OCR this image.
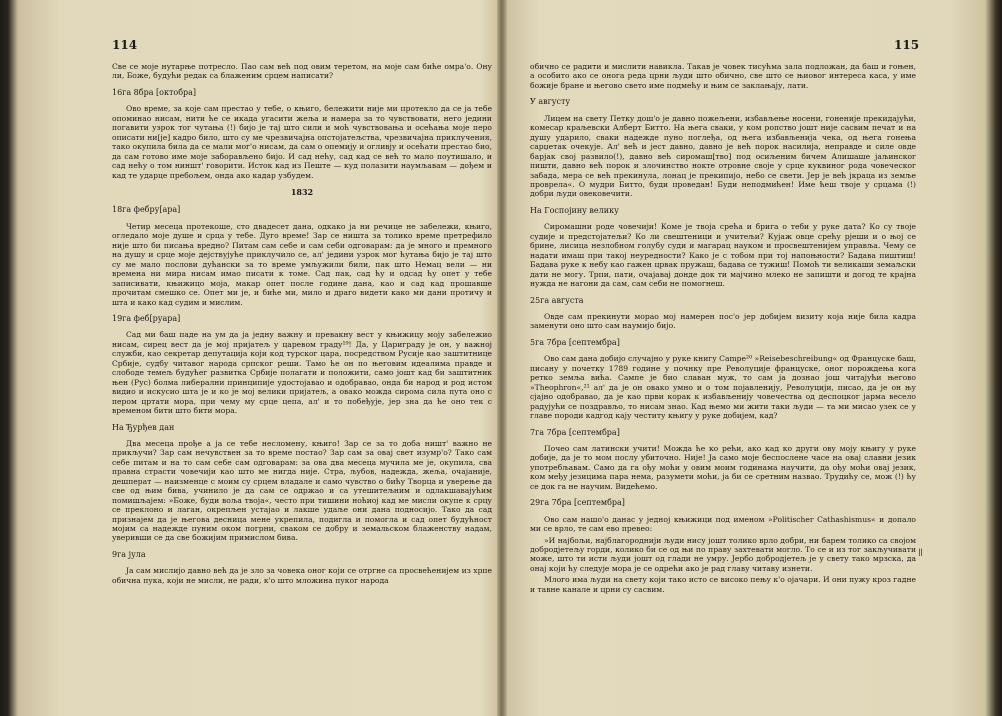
114
Све се моје нутарње потресло. Пао сам већ под овим теретом, на моје сам биће омра'о. Ону ли, Боже, будући редак са блаженим срцем написати?
16га 8бра [октобра]
Ово време, за које сам престао у тебе, о књиго, бележити није ми протекло да се ја тебе опоминао нисам, нити ће се икада угасити жеља и намера за то чувствовати, него једини погавити узрок тог чутања (!) бијо је тај што сили и моћ чувствовања и осећања моје перо описати ни[је] кадро било, што су ме чрезвичајна опстојатељства, чрезвичајна приклучения, тако окупила била да се мали мог'о нисам, да сам о опемију и огливју и осећати престао био, да сам готово име моје заборављено бијо. И сад нећу, сад кад се већ то мало поутишало, и сад нећу о том ниншт' говорити. Исток кад из Пеште — куд полазити наумљавам — дођем и кад те ударце пребољем, онда ако кадар узбудем.
1832
18га фебру[ара]
Четир месеца протекоше, сто двадесет дана, одкако ја ни речице не забележи, књиго, огледало моје душе и срца у тебе. Дуго време! Зар се ништа за толико време претрефило није што би писања вредно? Питам сам себе и сам себи одговарам: да је много и премного на душу и срце моје дејствујуће приклучило се, ал' једини узрок мог ћутања бијо је тај што су ме мало послови дућански за то време умљужили били, пак што Немац вели — ни времена ни мира нисам имао писати к томе. Сад пак, сад ћу и одсад ћу опет у тебе записивати, књижицо моја, макар опет после године дана, као и сад кад прошавше прочитам смешко се. Опет ми је, и биће ми, мило и драго видети како ми дани протичу и шта и како кад судим и мислим.
19га феб[руара]
Сад ми баш паде на ум да ја једну важну и превакну вест у књижицу моју забележио нисам, сирец вест да је мој пријатељ у царевом граду¹⁹! Да, у Цариграду је он, у важној служби, као секретар депутација који код турског цара, посредством Русије као заштитнице Србије, судбу читавог народа српског реши. Тамо ће он по његовим идеалима правде и слободе темељ будућег развитка Србије полагати и положити, само јошт кад би заштитник њен (Рус) болма либерални принципије удостојавао и одобравао, онда би народ и род истом видио и искусио шта је и ко је мој велики пријатељ, а овако можда сирома сила пута оно с пером цртати мора, при чему му срце цепа, ал' и то побеђује, јер зна да ће оно тек с временом бити што бити мора.
На Ђурђев дан
Два месеца прође а ја се тебе несломену, књиго! Зар се за то доба ништ' важно не прикључи? Зар сам нечувствен за то време постао? Зар сам за овај свет изумр'о? Тако сам себе питам и на то сам себе сам одговарам: за ова два месеца мучила ме је, окупила, сва правна страсти човечији као што ме нигда није. Стра, љубов, надежда, жеља, очајаније, дешперат — наизменце с моим су срцем владале и само чувство о бићу Творца и уверење да све од њим бива, учинило је да сам се одржао и са утешитељним и одлакшавајућим помишљајем: »Боже, буди воља твоја«, често при тишини ноћиој кад ме мисли окупе к срцу се преклоно и лаган, окрепљен устајао и лакше удаље они дана подносијо. Тако да сад признајем да је његова десница мене укрепила, подигла и помогла и сад опет будућност мојим са надежде пуним оком погрни, сваком се добру и земальском блаженству надам, уверивши се да све божијим примислом бива.
9га јула
Ја сам мислијо давно већ да је зло за човека оног који се отргне са просвећенијем из хрпе обична пука, који не мисли, не ради, к'о што мложина пуког народа
115
обично се радити и мислити навикла. Такав је човек тисућма зала подложан, да баш и гоњен, а особито ако се онога реда црни људи што обично, све што се њиовог интереса каса, у име божије бране и његово свето име подмећу и њим се заклањају, лати.
У августу
Лицем на свету Петку дош'о је давно пожељени, избављење носени, гоненије прекидајући, комесар краљевски Алберт Битто. На њега сваки, у ком ропство јошт није сасвим печат и на душу ударило, сваки надежде пуно поглеђа, од њега избављенија чека, од њега гонења сарџетак очекује. Ал' већ и јест давно, давно је већ порок насилија, неправде и силе овде барјак свој развило(!), давно већ сиромаш[тво] под осиљеним бичем Алишаше јаљинског пишти, давно већ порок и злочинство нокте отровне своје у срце куквиног рода човеческог забада, мера се већ прекинула, лонац је прекипијо, небо се свети. Јер је већ јкраца из земље проврела«. О мудри Битто, буди проведан! Буди неподмићен! Име ћеш твоје у срцама (!) добри људи овековечити.
На Госпојину велику
Сиромашни роде човечији! Коме је твоја срећа и брига о теби у руке дата? Ко су твоје судије и предстојатељи? Ко ли свештеници и учитељи? Кујаж овце срећу рјеши и о њој се брине, лисица незлобном голубу суди и магарац науком и просвештенијем управља. Чему се надати имаш при такој неуредности? Како је с тобом при тој напоњности? Бадава пиштиш! Бадава руке к небу као гажен црвак пружаш, бадава се тужиш! Помоћ ти великаши земаљски дати не могу. Трпи, пати, очајавај донде док ти мајчино млеко не запишти и догод те крајна нужда не нагони да сам, сам себи не помогнеш.
25га августа
Овде сам прекинути морао мој намерен пос'о јер добијем визиту која није била кадра заменути оно што сам наумијо бијо.
5га 7бра [септембра]
Ово сам дана добијо случајно у руке книгу Campe²⁰ »Reisebeschreibung« од Француске баш, писану у почетку 1789 године у почнку пре Револуције француске, оног порождења кога ретко земља вића. Сампе је био славан муж, то сам ја дознао још читајући његово »Theophron«,²¹ ал' да је он овако умно и о том појавленију, Револуцији, писао, да је он њу сјајно одобравао, да је као први корак к избављенију човечества од деспоцког јарма весело радујући се поздрављо, то нисам знао. Кад њемо ми жити таки људи — та ми мисао узек се у главе породи кадгод кају честиту књигу у руке добијем, кад?
7га 7бра [септембра]
Почео сам латински учити! Можда ће ко рећи, ако кад ко други ову моју књигу у руке добије, да је то мом послу убиточно. Није! Ја само моје беспослене часе на овај славни језик употребљавам. Само да га ођу моћи у овим моим годинама научити, да ођу моћи овај језик, ком међу језицима пара нема, разумети моћи, ја би се сретним назвао. Трудићу се, мож (!) ћу се док га не научим. Видећемо.
29га 7бра [септембра]
Ово сам нашо'о данас у једној књижици под именом »Politischer Cathashismus« и допало ми се врло, те сам ево превео:
»И најбољи, најблагороднији људи нису јошт толико врло добри, ни барем толико са својом добродјетељу горди, колико би се од њи по праву захтевати могло. То се и из тог закључивати може, што ти исти људи јошт од глади не умру. Јербо добродјетељ је у свету тако мрзска, да онај који ћу следује мора је се одрећи ако је рад главу читаву изнети.
Млого има људи на свету који тако исто се високо пењу к'о ојачари. И они пужу кроз гадне и тавне канале и црни су сасвим.
ǁ
